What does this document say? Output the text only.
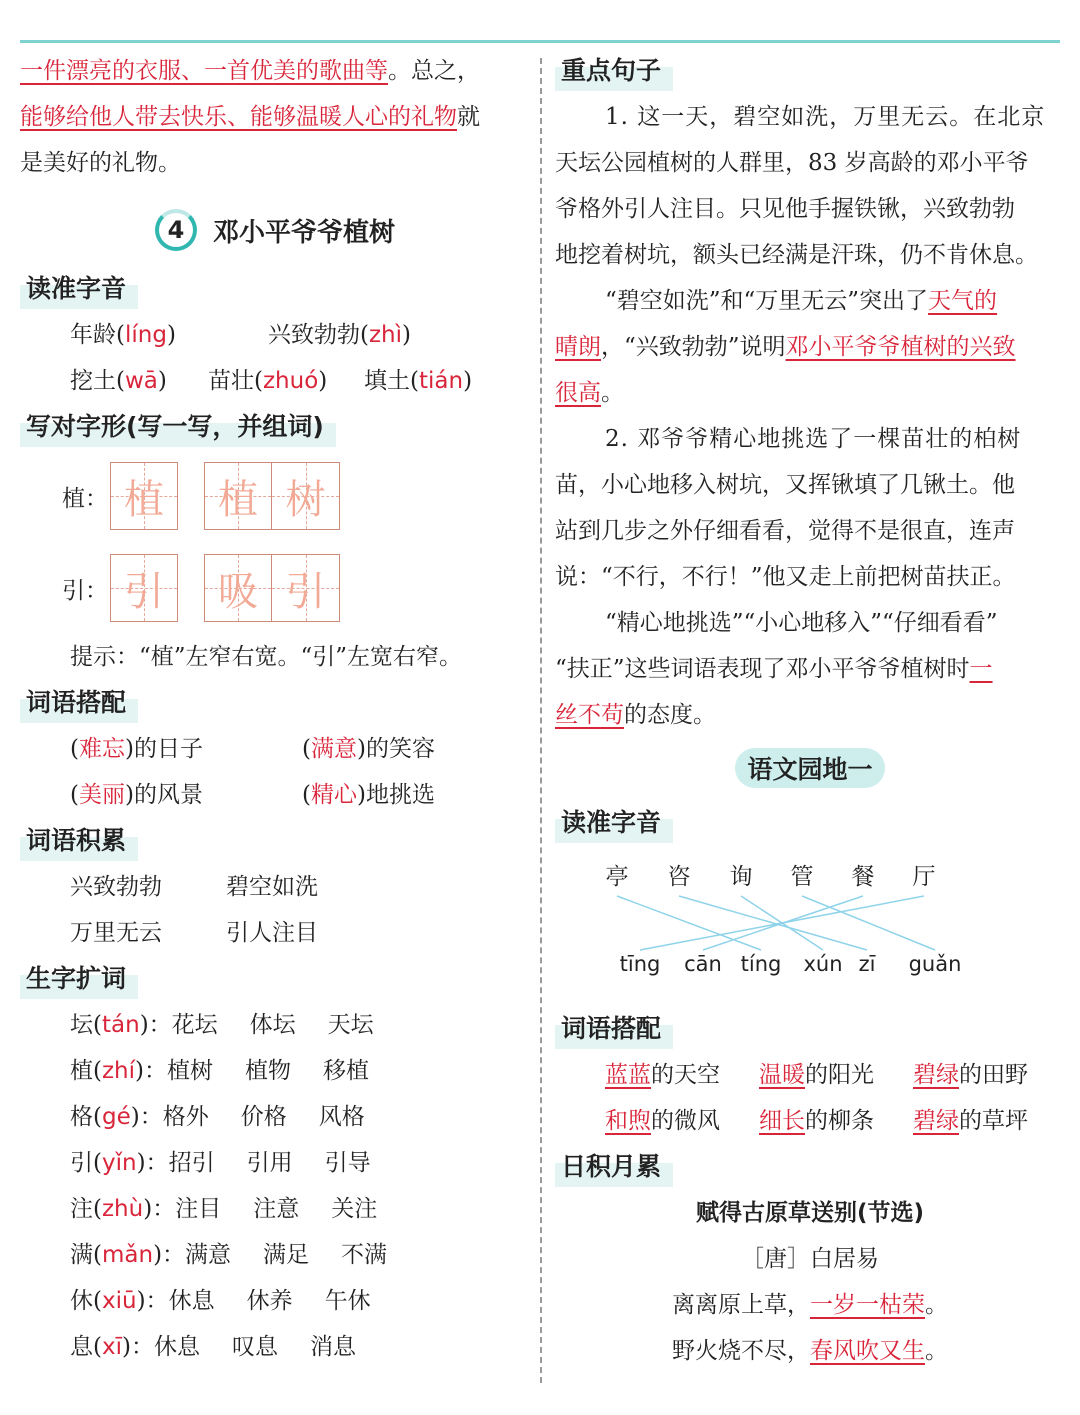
一件漂亮的衣服、一首优美的歌曲等。总之，

能够给他人带去快乐、能够温暖人心的礼物就

是美好的礼物。

4	邓小平爷爷植树
读准字音
年龄(líng)	兴致勃勃(zhì)
挖土(wā)	苗壮(zhuó)	填土(tián)
写对字形(写一写，并组词)
植： 植	植 树
引： 引	吸 引

提示：“植”左窄右宽。“引”左宽右窄。

词语搭配
(难忘)的日子	(满意)的笑容
(美丽)的风景	(精心)地挑选
词语积累
兴致勃勃	碧空如洗
万里无云	引人注目
生字扩词
坛(tán)： 花坛 体坛 天坛
植(zhí)： 植树 植物 移植
格(gé)： 格外 价格 风格
引(yǐn)： 招引 引用 引导
注(zhù)： 注目 注意 关注
满(mǎn)： 满意 满足 不满
休(xiū)： 休息 休养 午休
息(xī)： 休息 叹息 消息
重点句子

1. 这一天，碧空如洗，万里无云。在北京

天坛公园植树的人群里，83 岁高龄的邓小平爷

爷格外引人注目。只见他手握铁锹，兴致勃勃

地挖着树坑，额头已经满是汗珠，仍不肯休息。

“碧空如洗”和“万里无云”突出了天气的

晴朗，“兴致勃勃”说明邓小平爷爷植树的兴致

很高。

2. 邓爷爷精心地挑选了一棵苗壮的柏树

苗，小心地移入树坑，又挥锹填了几锹土。他

站到几步之外仔细看看，觉得不是很直，连声

说：“不行，不行！”他又走上前把树苗扶正。

“精心地挑选”“小心地移入”“仔细看看”

“扶正”这些词语表现了邓小平爷爷植树时一

丝不苟的态度。

语文园地一
读准字音
亭 咨 询 管 餐 厅
tīng cān tíng xún zī guǎn
词语搭配
蓝蓝的天空	温暖的阳光	碧绿的田野
和煦的微风	细长的柳条	碧绿的草坪
日积月累
赋得古原草送别(节选)
［唐］白居易
离离原上草，一岁一枯荣。
野火烧不尽，春风吹又生。
